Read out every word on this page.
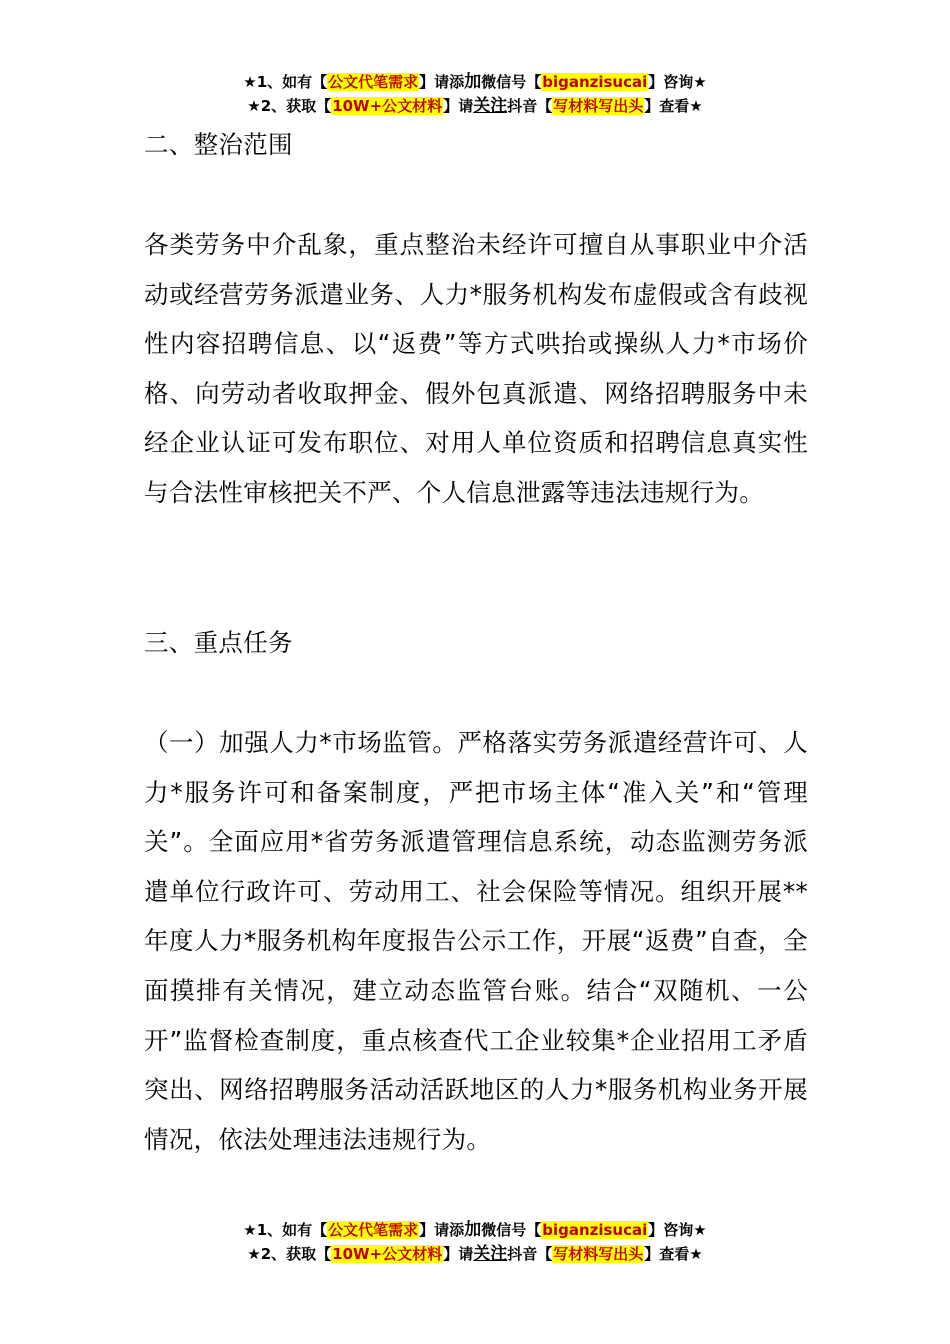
★1、如有【公文代笔需求】请添加微信号【biganzisucai】咨询★
★2、获取【10W+公文材料】请关注抖音【写材料写出头】查看★

二、整治范围

各类劳务中介乱象，重点整治未经许可擅自从事职业中介活动或经营劳务派遣业务、人力*服务机构发布虚假或含有歧视性内容招聘信息、以“返费”等方式哄抬或操纵人力*市场价格、向劳动者收取押金、假外包真派遣、网络招聘服务中未经企业认证可发布职位、对用人单位资质和招聘信息真实性与合法性审核把关不严、个人信息泄露等违法违规行为。

三、重点任务

（一）加强人力*市场监管。严格落实劳务派遣经营许可、人力*服务许可和备案制度，严把市场主体“准入关”和“管理关”。全面应用*省劳务派遣管理信息系统，动态监测劳务派遣单位行政许可、劳动用工、社会保险等情况。组织开展**年度人力*服务机构年度报告公示工作，开展“返费”自查，全面摸排有关情况，建立动态监管台账。结合“双随机、一公开”监督检查制度，重点核查代工企业较集*企业招用工矛盾突出、网络招聘服务活动活跃地区的人力*服务机构业务开展情况，依法处理违法违规行为。

★1、如有【公文代笔需求】请添加微信号【biganzisucai】咨询★
★2、获取【10W+公文材料】请关注抖音【写材料写出头】查看★
